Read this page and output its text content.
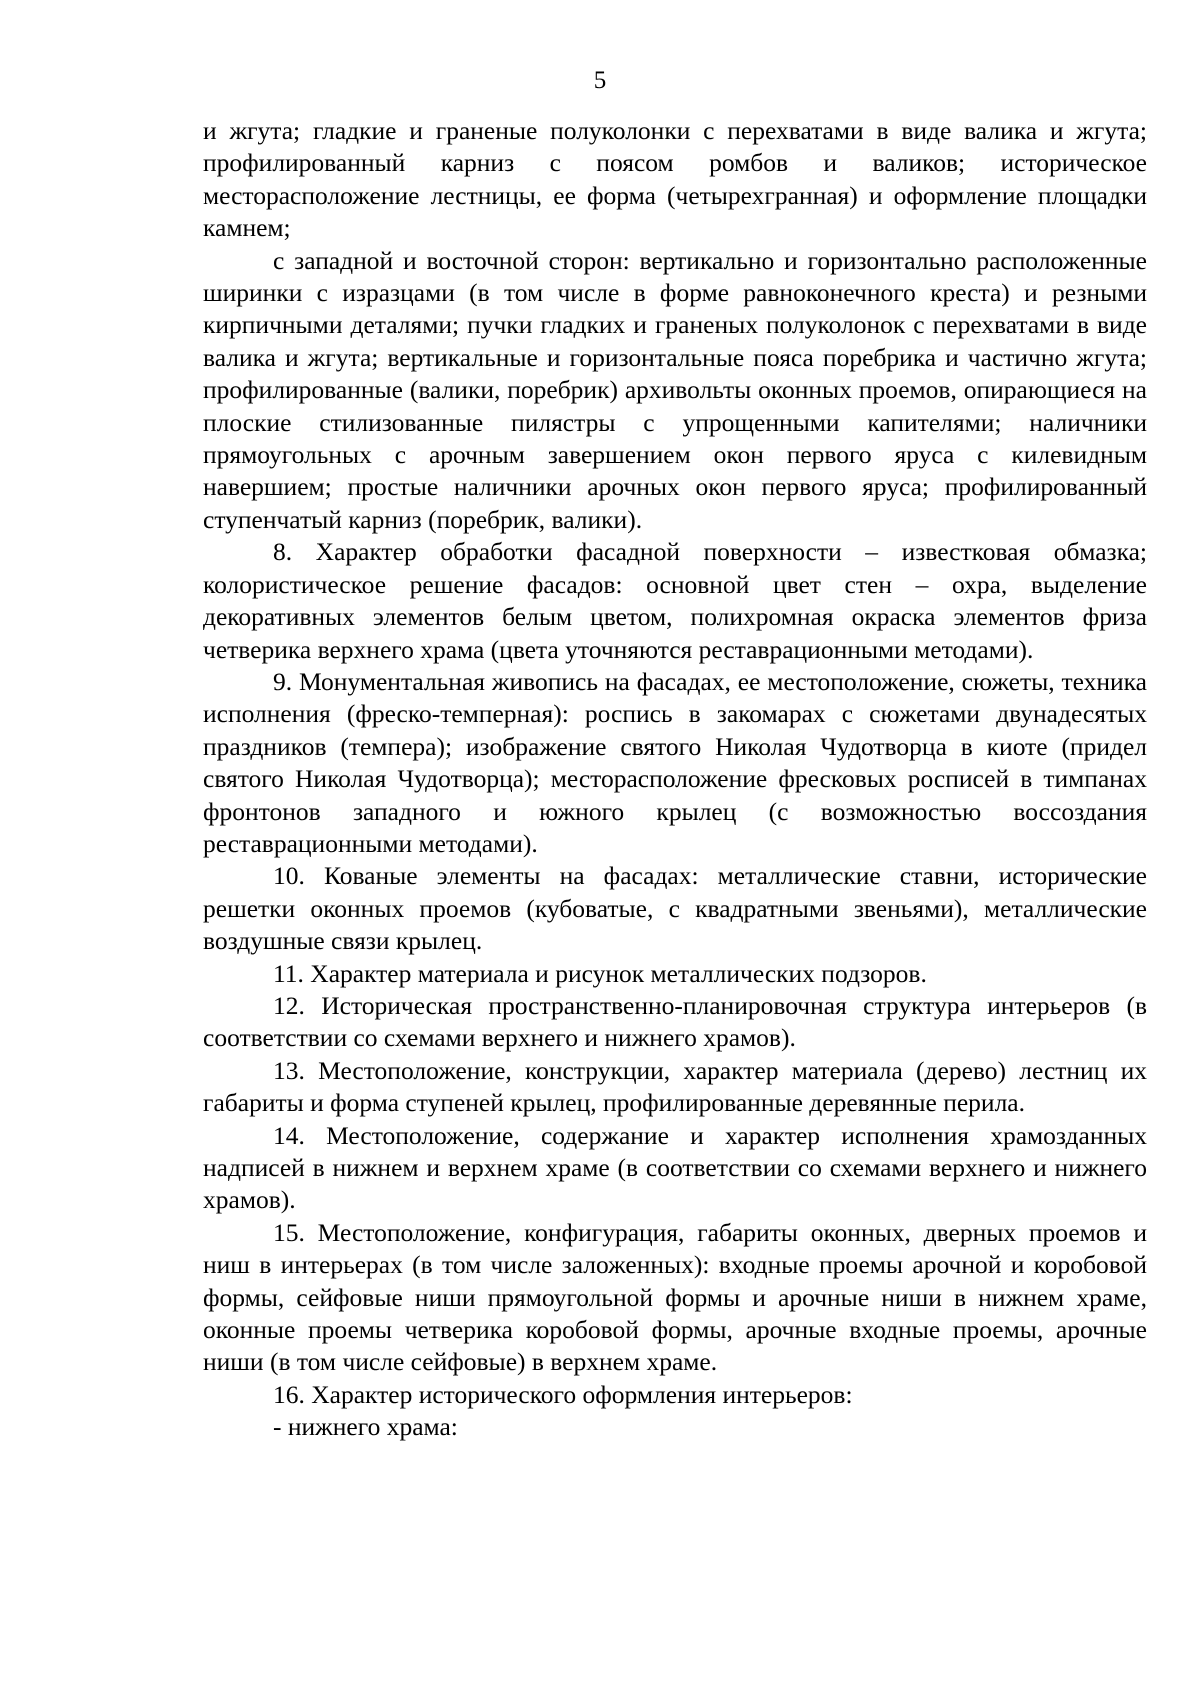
5

и жгута; гладкие и граненые полуколонки с перехватами в виде валика и жгута; профилированный карниз с поясом ромбов и валиков; историческое месторасположение лестницы, ее форма (четырехгранная) и оформление площадки камнем;

с западной и восточной сторон: вертикально и горизонтально расположенные ширинки с изразцами (в том числе в форме равноконечного креста) и резными кирпичными деталями; пучки гладких и граненых полуколонок с перехватами в виде валика и жгута; вертикальные и горизонтальные пояса поребрика и частично жгута; профилированные (валики, поребрик) архивольты оконных проемов, опирающиеся на плоские стилизованные пилястры с упрощенными капителями; наличники прямоугольных с арочным завершением окон первого яруса с килевидным навершием; простые наличники арочных окон первого яруса; профилированный ступенчатый карниз (поребрик, валики).

8. Характер обработки фасадной поверхности – известковая обмазка; колористическое решение фасадов: основной цвет стен – охра, выделение декоративных элементов белым цветом, полихромная окраска элементов фриза четверика верхнего храма (цвета уточняются реставрационными методами).

9. Монументальная живопись на фасадах, ее местоположение, сюжеты, техника исполнения (фреско-темперная): роспись в закомарах с сюжетами двунадесятых праздников (темпера); изображение святого Николая Чудотворца в киоте (придел святого Николая Чудотворца); месторасположение фресковых росписей в тимпанах фронтонов западного и южного крылец (с возможностью воссоздания реставрационными методами).

10. Кованые элементы на фасадах: металлические ставни, исторические решетки оконных проемов (кубоватые, с квадратными звеньями), металлические воздушные связи крылец.

11. Характер материала и рисунок металлических подзоров.

12. Историческая пространственно-планировочная структура интерьеров (в соответствии со схемами верхнего и нижнего храмов).

13. Местоположение, конструкции, характер материала (дерево) лестниц их габариты и форма ступеней крылец, профилированные деревянные перила.

14. Местоположение, содержание и характер исполнения храмозданных надписей в нижнем и верхнем храме (в соответствии со схемами верхнего и нижнего храмов).

15. Местоположение, конфигурация, габариты оконных, дверных проемов и ниш в интерьерах (в том числе заложенных): входные проемы арочной и коробовой формы, сейфовые ниши прямоугольной формы и арочные ниши в нижнем храме, оконные проемы четверика коробовой формы, арочные входные проемы, арочные ниши (в том числе сейфовые) в верхнем храме.

16. Характер исторического оформления интерьеров:

- нижнего храма:
